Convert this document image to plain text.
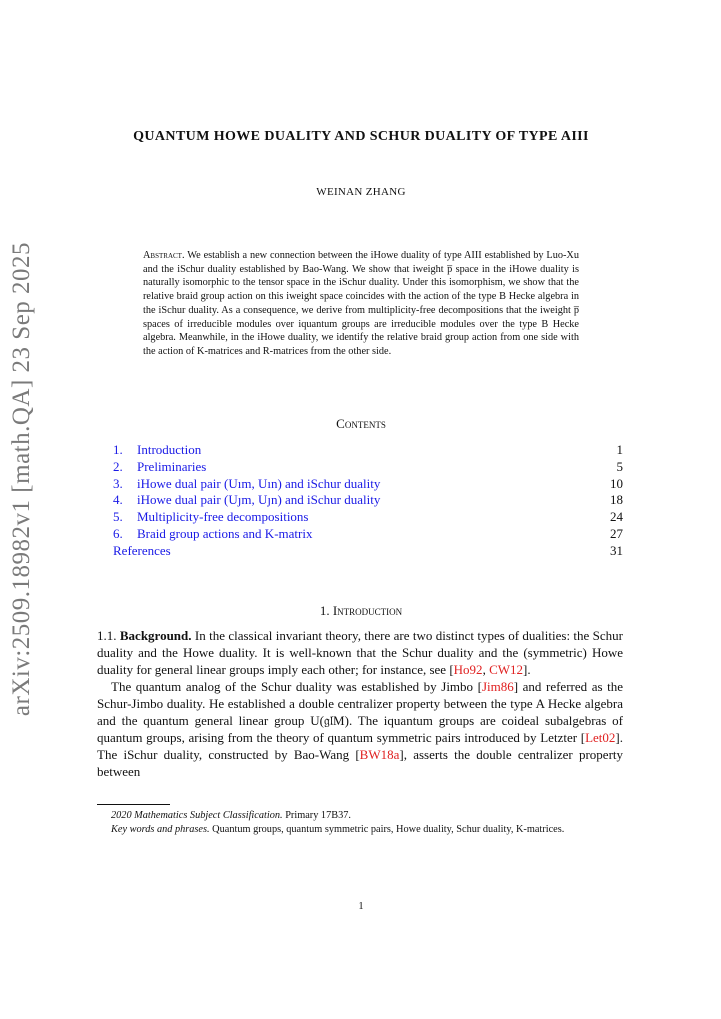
arXiv:2509.18982v1 [math.QA] 23 Sep 2025
QUANTUM HOWE DUALITY AND SCHUR DUALITY OF TYPE AIII
WEINAN ZHANG
Abstract. We establish a new connection between the iHowe duality of type AIII established by Luo-Xu and the iSchur duality established by Bao-Wang. We show that iweight p̅ space in the iHowe duality is naturally isomorphic to the tensor space in the iSchur duality. Under this isomorphism, we show that the relative braid group action on this iweight space coincides with the action of the type B Hecke algebra in the iSchur duality. As a consequence, we derive from multiplicity-free decompositions that the iweight p̅ spaces of irreducible modules over iquantum groups are irreducible modules over the type B Hecke algebra. Meanwhile, in the iHowe duality, we identify the relative braid group action from one side with the action of K-matrices and R-matrices from the other side.
Contents
1. Introduction	1
2. Preliminaries	5
3. iHowe dual pair (Uım, Uın) and iSchur duality	10
4. iHowe dual pair (Uȷm, Uȷn) and iSchur duality	18
5. Multiplicity-free decompositions	24
6. Braid group actions and K-matrix	27
References	31
1. Introduction

1.1. Background. In the classical invariant theory, there are two distinct types of dualities: the Schur duality and the Howe duality. It is well-known that the Schur duality and the (symmetric) Howe duality for general linear groups imply each other; for instance, see [Ho92, CW12].

The quantum analog of the Schur duality was established by Jimbo [Jim86] and referred as the Schur-Jimbo duality. He established a double centralizer property between the type A Hecke algebra and the quantum general linear group U(𝔤𝔩M). The iquantum groups are coideal subalgebras of quantum groups, arising from the theory of quantum symmetric pairs introduced by Letzter [Let02]. The iSchur duality, constructed by Bao-Wang [BW18a], asserts the double centralizer property between

2020 Mathematics Subject Classification. Primary 17B37.

Key words and phrases. Quantum groups, quantum symmetric pairs, Howe duality, Schur duality, K-matrices.

1
